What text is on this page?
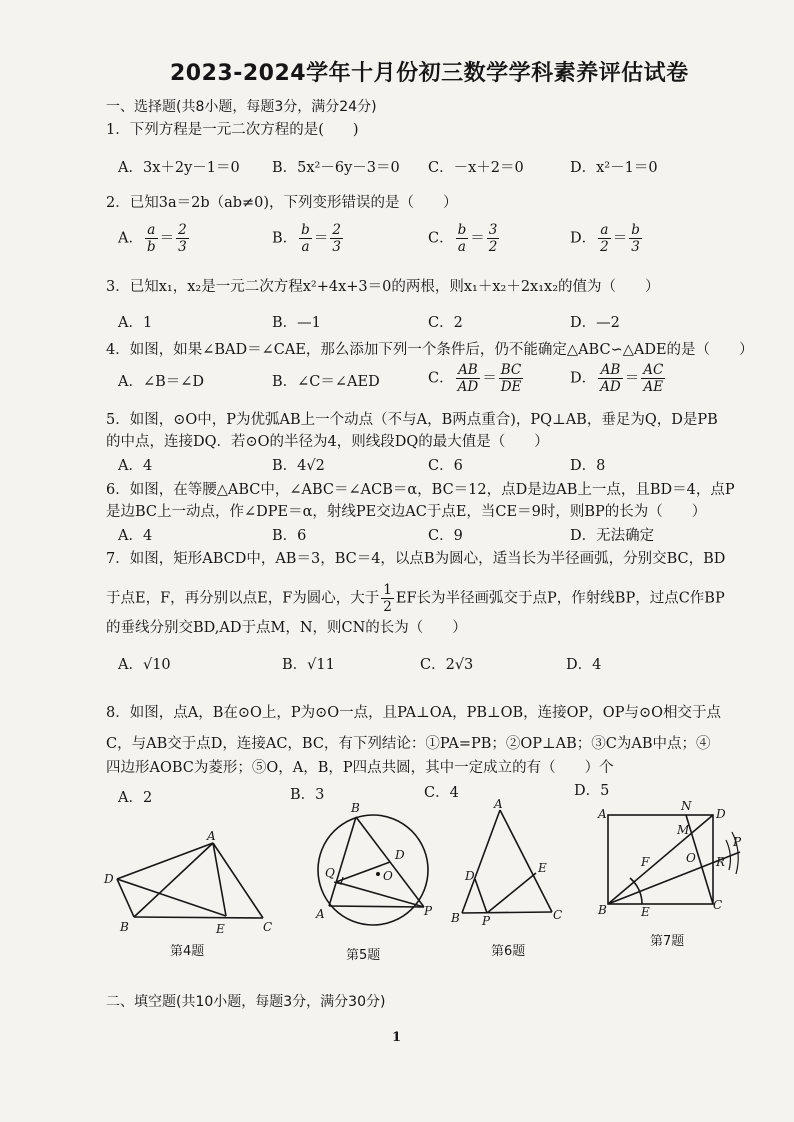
2023-2024学年十月份初三数学学科素养评估试卷
一、选择题(共8小题，每题3分，满分24分)
1．下列方程是一元二次方程的是(　　)
A．3x＋2y－1＝0 B．5x²－6y－3＝0 C．－x＋2＝0	D．x²－1＝0
2．已知3a＝2b（ab≠0)，下列变形错误的是（　　）
A． $\frac{a}{b} = \frac{2}{3}$	B． $\frac{b}{a} = \frac{2}{3}$	C． $\frac{b}{a} = \frac{3}{2}$	D． $\frac{a}{2} = \frac{b}{3}$
3．已知x₁，x₂是一元二次方程x²+4x+3＝0的两根，则x₁＋x₂＋2x₁x₂的值为（　　）
A．1	B．—1	C．2	D．—2
4．如图，如果∠BAD＝∠CAE，那么添加下列一个条件后，仍不能确定△ABC∽△ADE的是（　　）
A．∠B＝∠D	B．∠C＝∠AED	C． $\frac{AB}{AD} = \frac{BC}{DE}$	D． $\frac{AB}{AD} = \frac{AC}{AE}$
5．如图，⊙O中，P为优弧AB上一个动点（不与A，B两点重合)，PQ⊥AB，垂足为Q，D是PB
的中点，连接DQ．若⊙O的半径为4，则线段DQ的最大值是（　　）
A．4	B．4√2	C．6	D．8
6．如图，在等腰△ABC中，∠ABC＝∠ACB＝α，BC＝12，点D是边AB上一点，且BD＝4，点P
是边BC上一动点，作∠DPE＝α，射线PE交边AC于点E，当CE＝9时，则BP的长为（　　）
A．4	B．6	C．9	D．无法确定
7．如图，矩形ABCD中，AB＝3，BC＝4，以点B为圆心，适当长为半径画弧，分别交BC，BD
于点E，F，再分别以点E，F为圆心，大于 $\frac{1}{2}$ EF长为半径画弧交于点P，作射线BP，过点C作BP
的垂线分别交BD,AD于点M，N，则CN的长为（　　）
A．√10	B．√11	C．2√3	D．4
8．如图，点A，B在⊙O上，P为⊙O一点，且PA⊥OA，PB⊥OB，连接OP，OP与⊙O相交于点
C，与AB交于点D，连接AC，BC，有下列结论：①PA=PB；②OP⊥AB；③C为AB中点；④
四边形AOBC为菱形；⑤O，A，B，P四点共圆，其中一定成立的有（　　）个
A．2	B．3	C．4	D．5
D
A
B	E	C
B
D
Q	O
A	P
A
D
E
B P	C
A
N
D
M
P
F	O R
B	E	C
第4题	第5题	第6题
第7题
二、填空题(共10小题，每题3分，满分30分)
1
